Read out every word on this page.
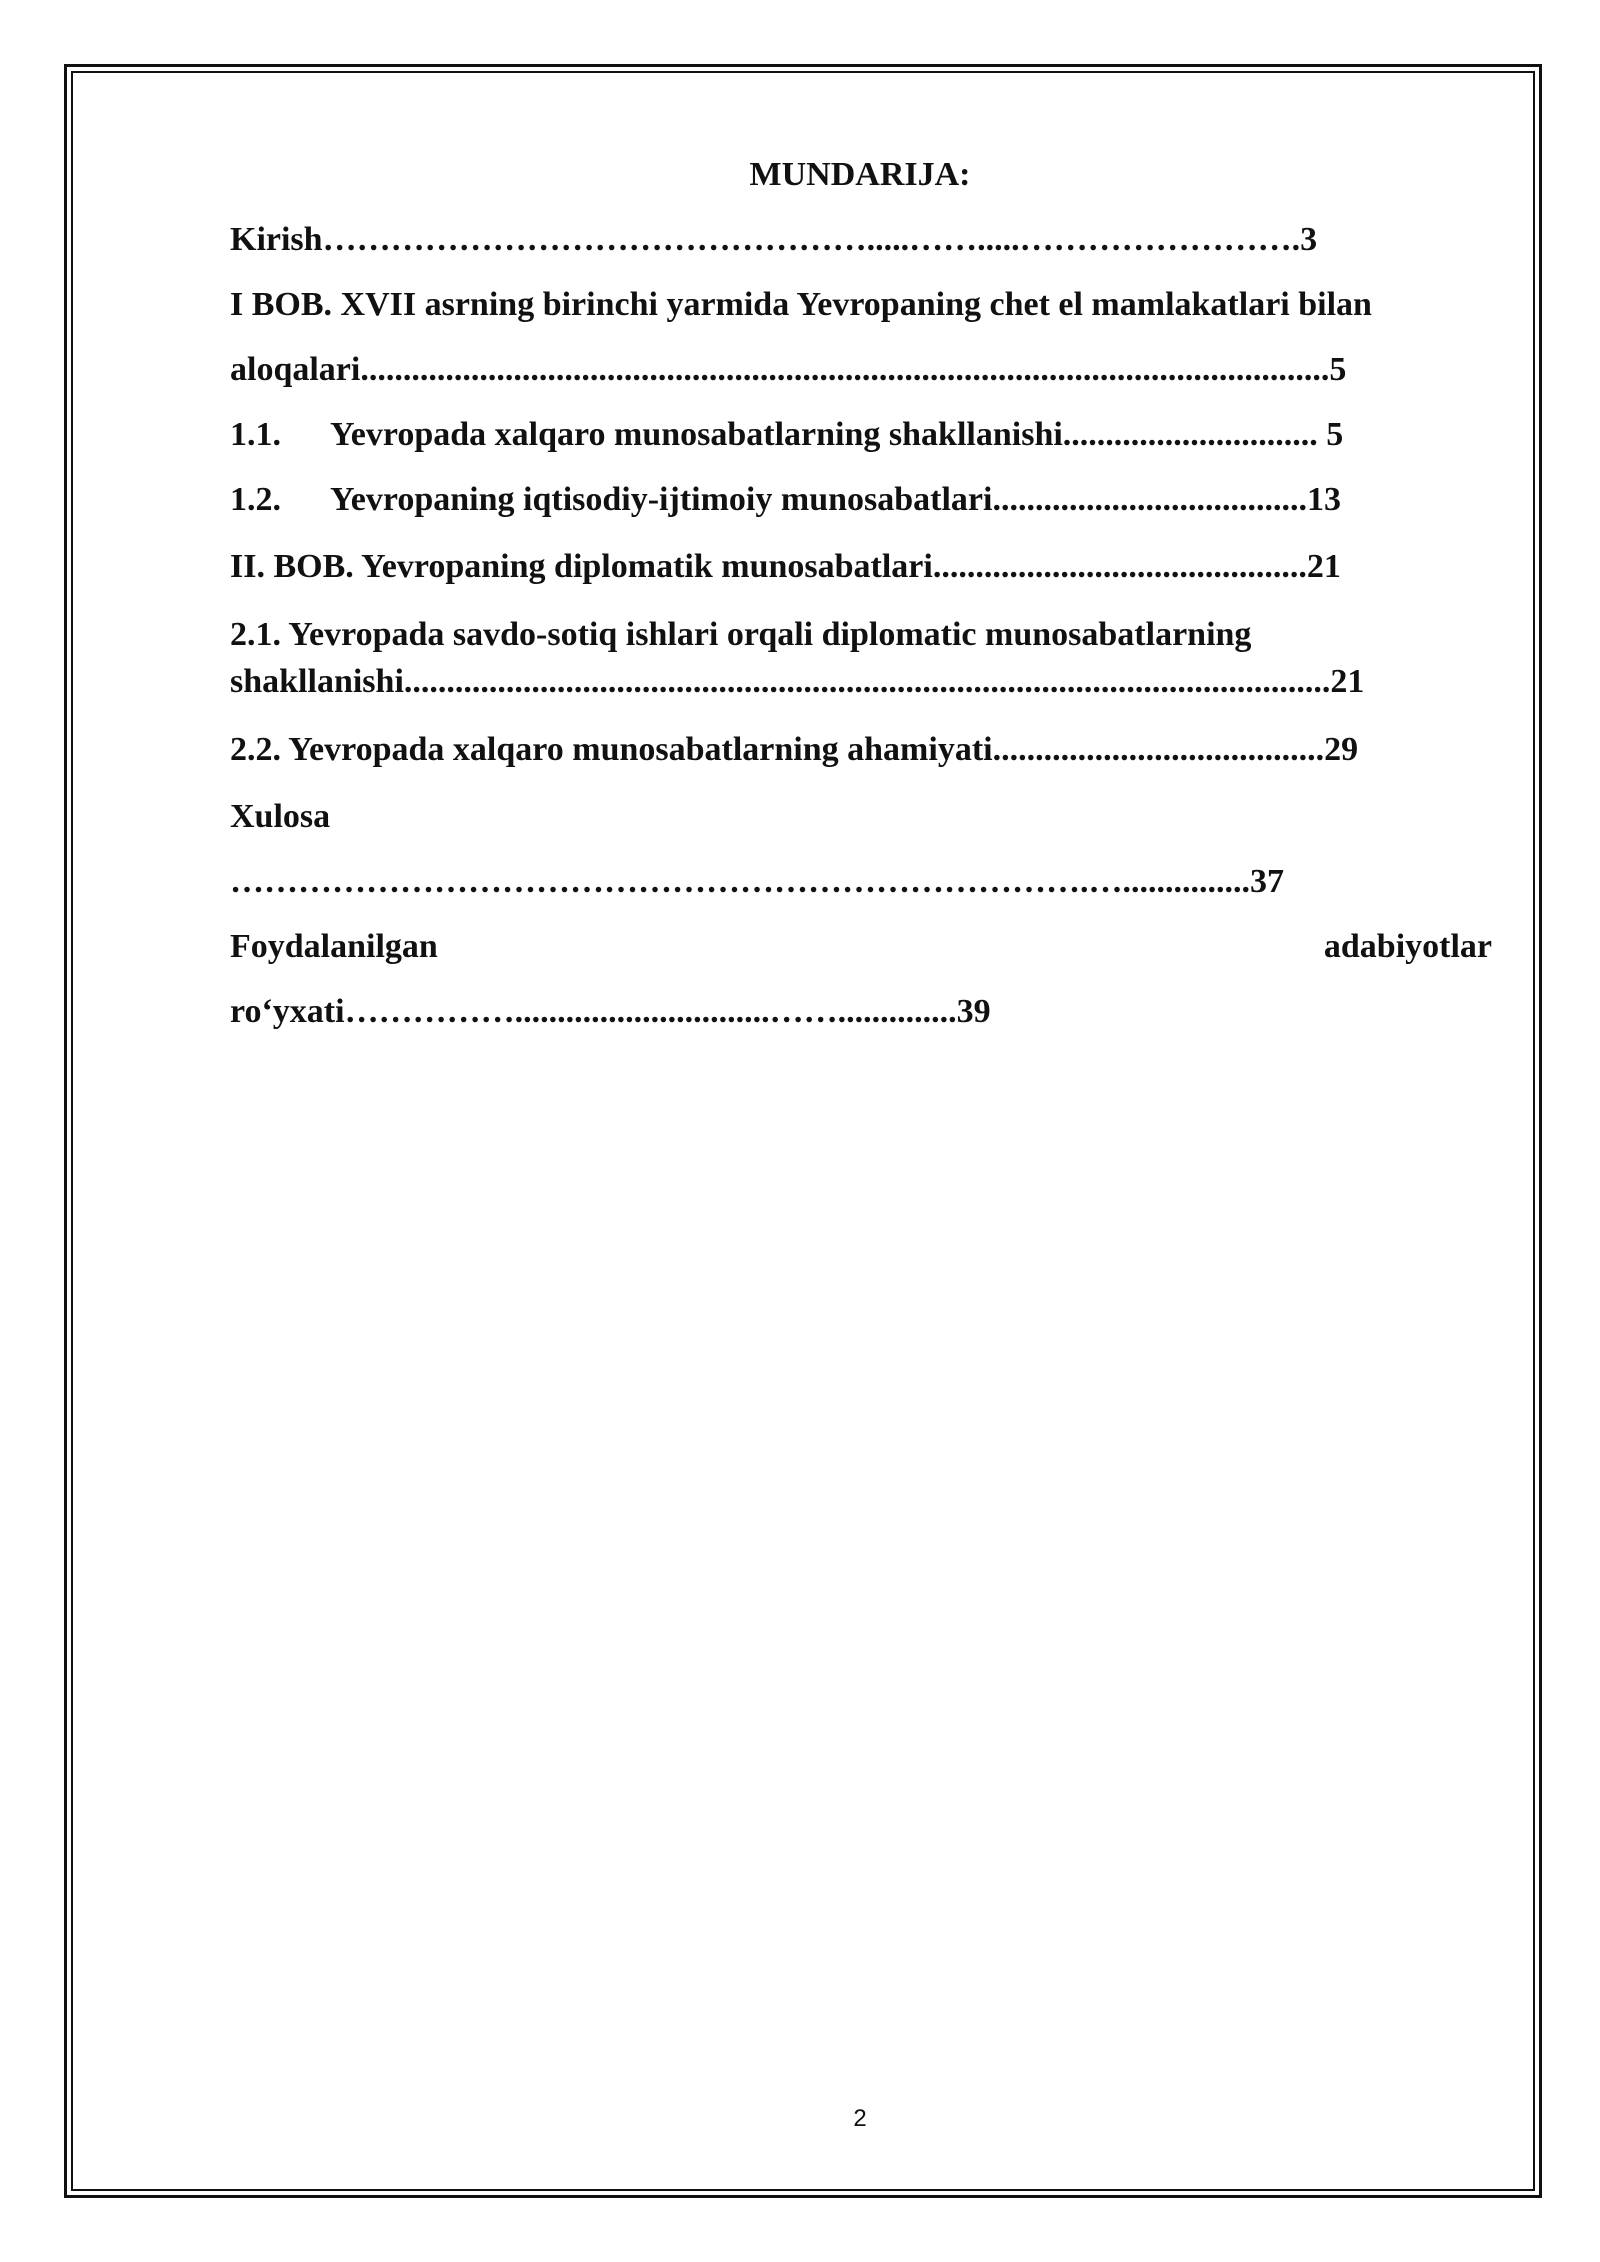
MUNDARIJA:
Kirish………………………………………….....…….....…………………….3
I BOB. XVII asrning birinchi yarmida Yevropaning chet el mamlakatlari bilan
aloqalari..................................................................................................................5
1.1. Yevropada xalqaro munosabatlarning shakllanishi.............................. 5
1.2. Yevropaning iqtisodiy-ijtimoiy munosabatlari.....................................13
II. BOB. Yevropaning diplomatik munosabatlari............................................21
2.1. Yevropada savdo-sotiq ishlari orqali diplomatic munosabatlarning
shakllanishi.............................................................................................................21
2.2. Yevropada xalqaro munosabatlarning ahamiyati.......................................29
Xulosa
………………………………………………………………….…...............37
Foydalanilgan	adabiyotlar
ro‘yxati……………..............................……..............39
2
